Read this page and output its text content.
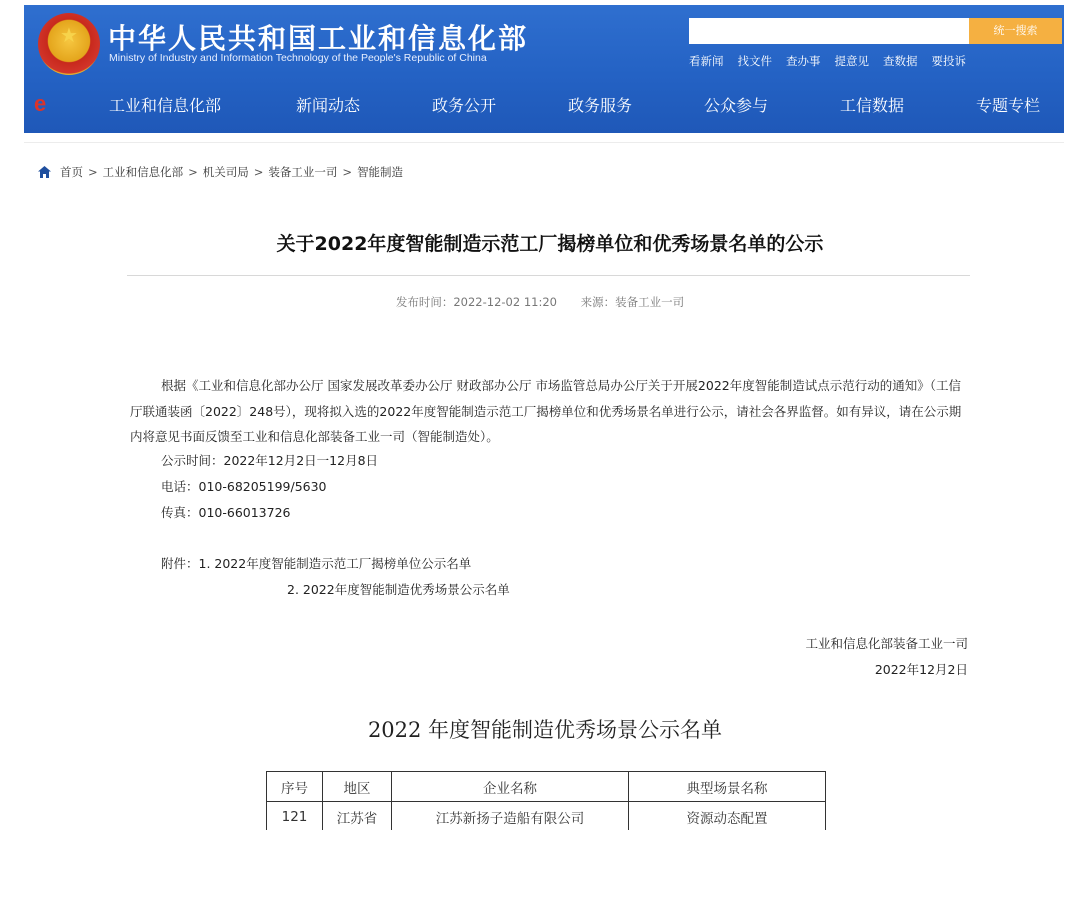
★	中华人民共和国工业和信息化部
Ministry of Industry and Information Technology of the People's Republic of China
统一搜索
看新闻 找文件 查办事 提意见 查数据 要投诉
e	工业和信息化部	新闻动态	政务公开	政务服务	公众参与	工信数据	专题专栏
首页 > 工业和信息化部 > 机关司局 > 装备工业一司 > 智能制造
关于2022年度智能制造示范工厂揭榜单位和优秀场景名单的公示
发布时间：2022-12-02 11:20 来源：装备工业一司
根据《工业和信息化部办公厅 国家发展改革委办公厅 财政部办公厅 市场监管总局办公厅关于开展2022年度智能制造试点示范行动的通知》（工信厅联通装函〔2022〕248号），现将拟入选的2022年度智能制造示范工厂揭榜单位和优秀场景名单进行公示，请社会各界监督。如有异议，请在公示期内将意见书面反馈至工业和信息化部装备工业一司（智能制造处）。
公示时间：2022年12月2日一12月8日
电话：010-68205199/5630
传真：010-66013726
附件：1. 2022年度智能制造示范工厂揭榜单位公示名单
2. 2022年度智能制造优秀场景公示名单
工业和信息化部装备工业一司
2022年12月2日
2022 年度智能制造优秀场景公示名单
序号	地区	企业名称	典型场景名称
121	江苏省	江苏新扬子造船有限公司	资源动态配置
